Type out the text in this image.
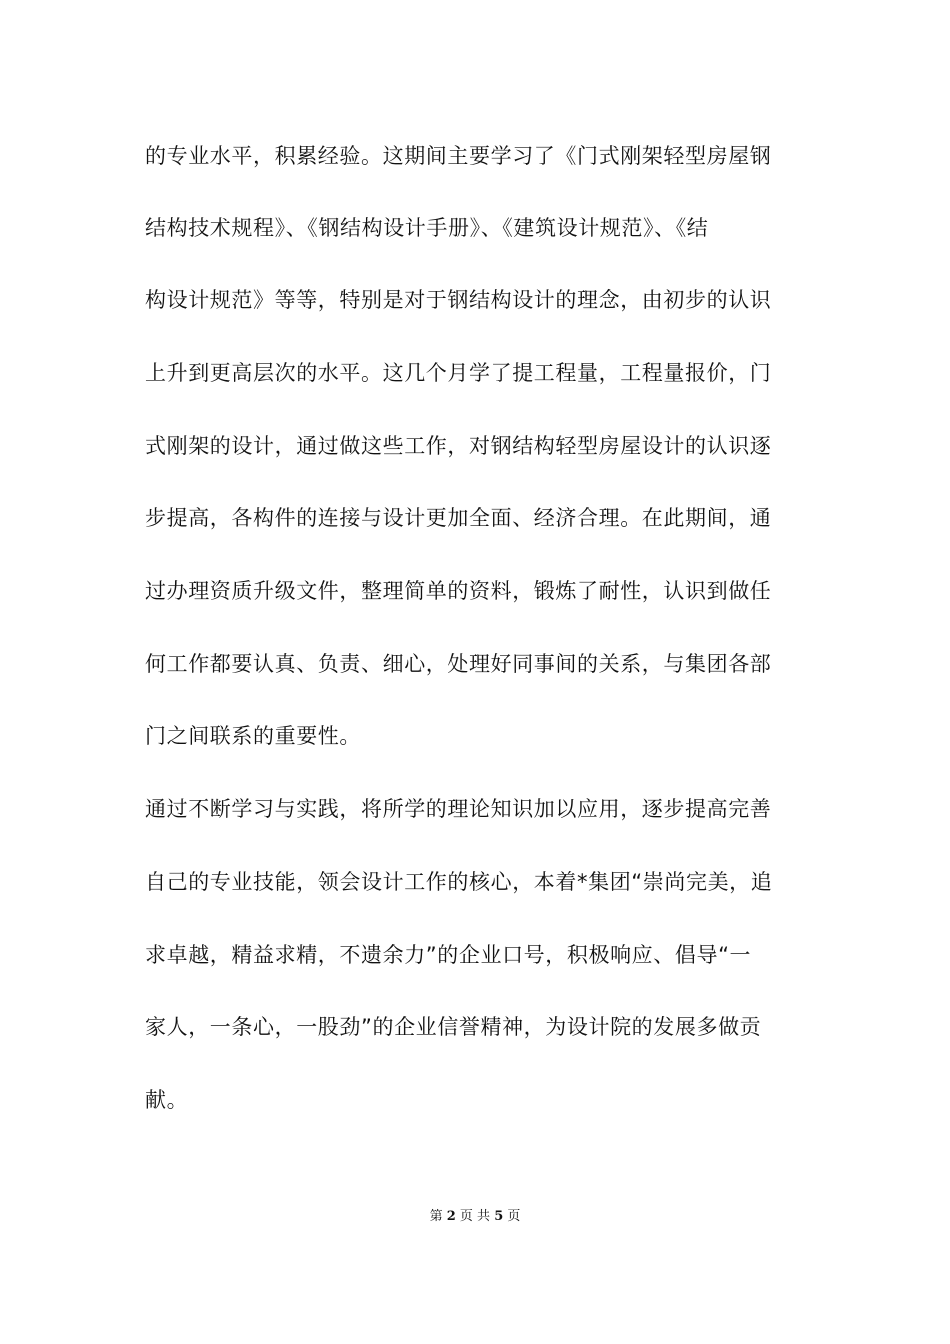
的专业水平，积累经验。这期间主要学习了《门式刚架轻型房屋钢
结构技术规程》、《钢结构设计手册》、《建筑设计规范》、《结
构设计规范》等等，特别是对于钢结构设计的理念，由初步的认识
上升到更高层次的水平。这几个月学了提工程量，工程量报价，门
式刚架的设计，通过做这些工作，对钢结构轻型房屋设计的认识逐
步提高，各构件的连接与设计更加全面、经济合理。在此期间，通
过办理资质升级文件，整理简单的资料，锻炼了耐性，认识到做任
何工作都要认真、负责、细心，处理好同事间的关系，与集团各部
门之间联系的重要性。
通过不断学习与实践，将所学的理论知识加以应用，逐步提高完善
自己的专业技能，领会设计工作的核心，本着*集团“崇尚完美，追
求卓越，精益求精，不遗余力”的企业口号，积极响应、倡导“一
家人，一条心，一股劲”的企业信誉精神，为设计院的发展多做贡
献。
第 2 页 共 5 页
